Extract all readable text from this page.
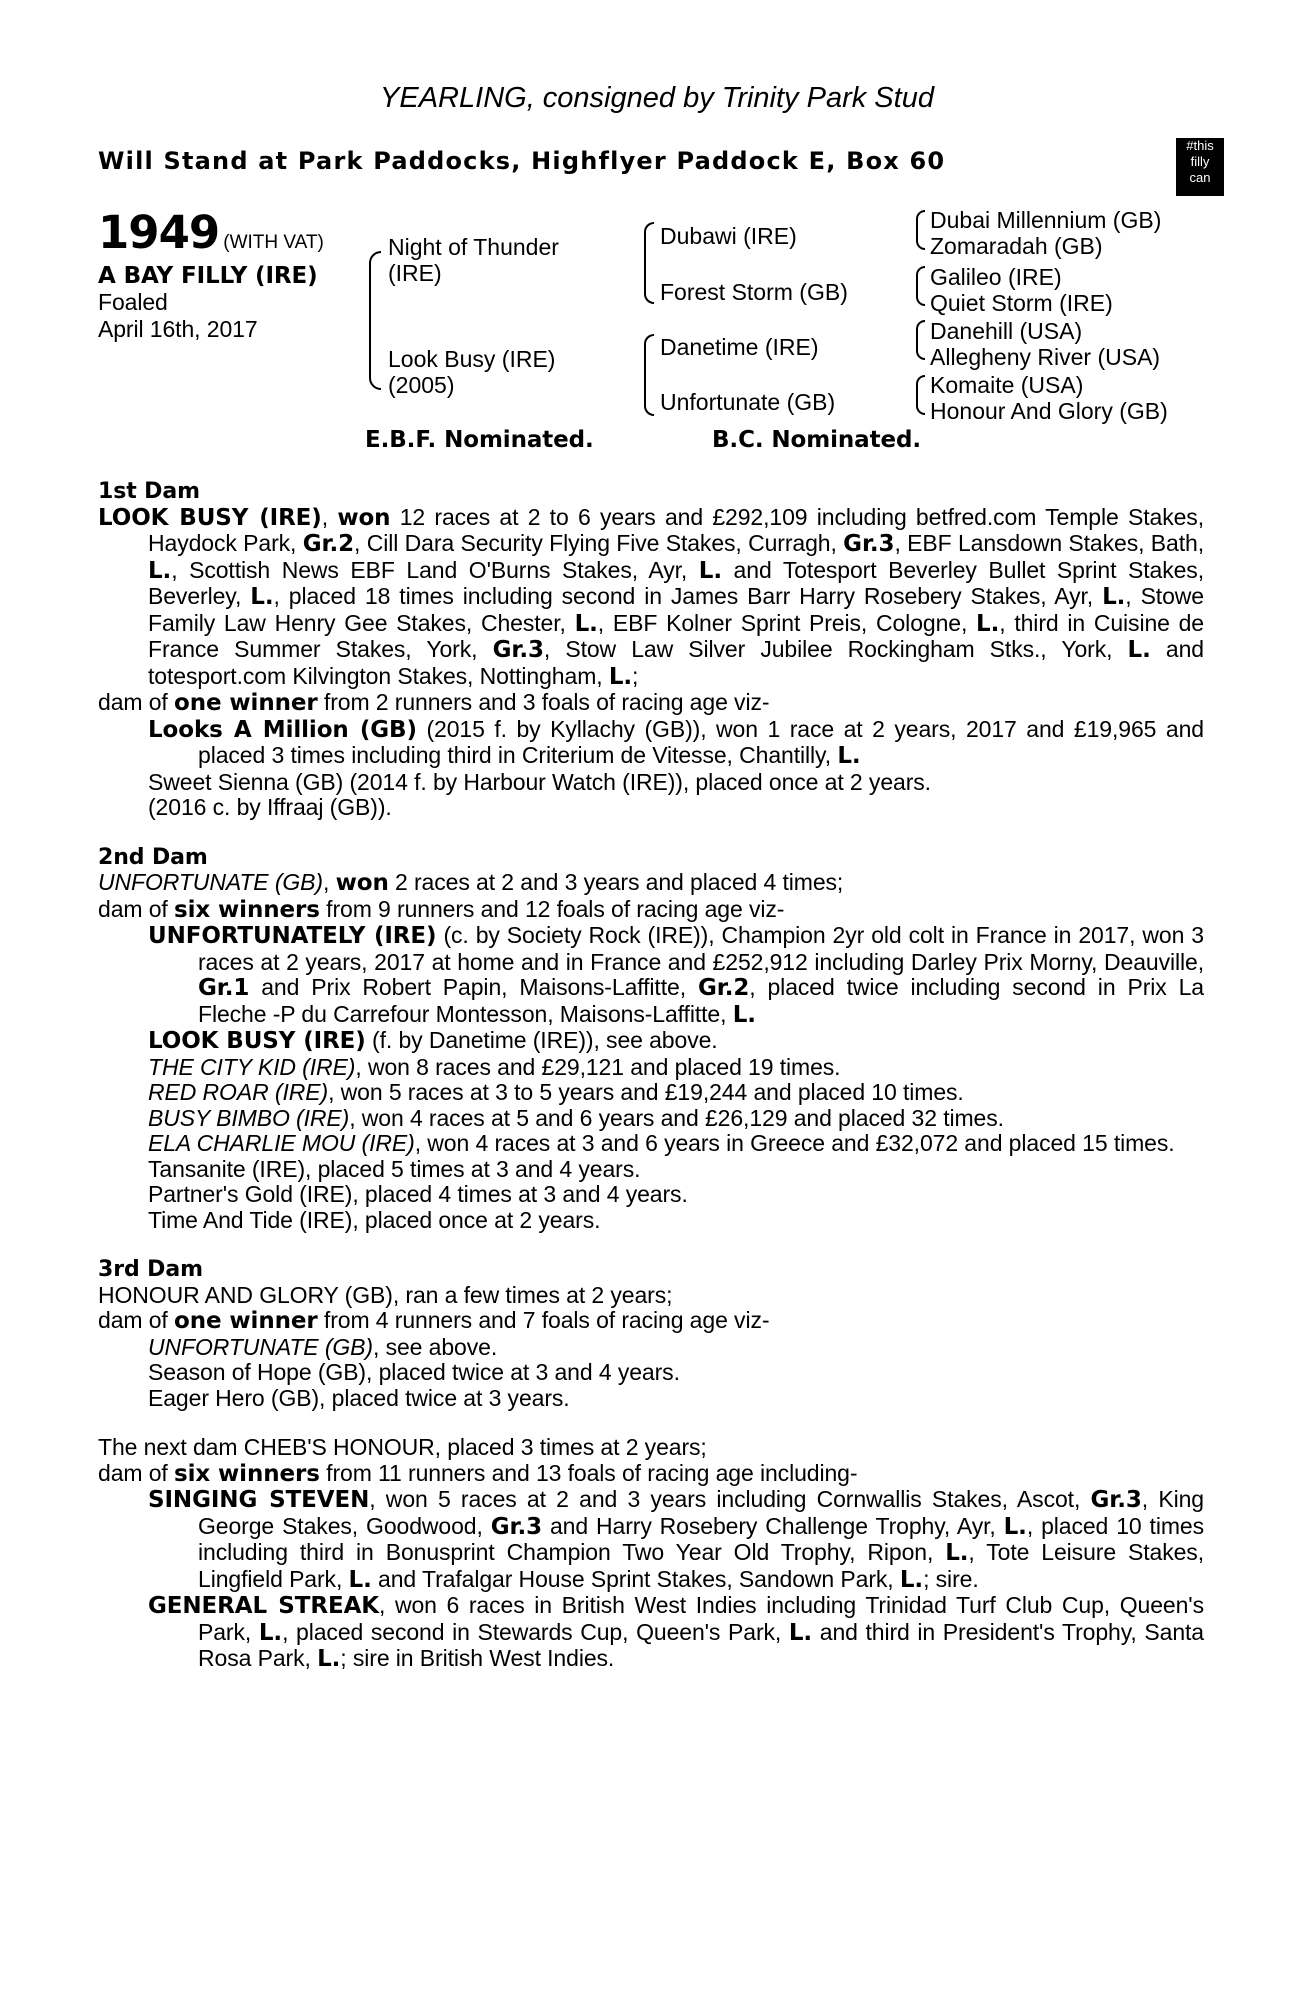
YEARLING, consigned by Trinity Park Stud
Will Stand at Park Paddocks, Highflyer Paddock E, Box 60
#this
filly
can
1949 (WITH VAT)
A BAY FILLY (IRE)
Foaled
April 16th, 2017
Night of Thunder
(IRE)
Look Busy (IRE)
(2005)
Dubawi (IRE)
Forest Storm (GB)
Danetime (IRE)
Unfortunate (GB)
Dubai Millennium (GB)
Zomaradah (GB)
Galileo (IRE)
Quiet Storm (IRE)
Danehill (USA)
Allegheny River (USA)
Komaite (USA)
Honour And Glory (GB)
E.B.F. Nominated.	B.C. Nominated.
1st Dam
LOOK BUSY (IRE), won 12 races at 2 to 6 years and £292,109 including betfred.com Temple Stakes, Haydock Park, Gr.2, Cill Dara Security Flying Five Stakes, Curragh, Gr.3, EBF Lansdown Stakes, Bath, L., Scottish News EBF Land O'Burns Stakes, Ayr, L. and Totesport Beverley Bullet Sprint Stakes, Beverley, L., placed 18 times including second in James Barr Harry Rosebery Stakes, Ayr, L., Stowe Family Law Henry Gee Stakes, Chester, L., EBF Kolner Sprint Preis, Cologne, L., third in Cuisine de France Summer Stakes, York, Gr.3, Stow Law Silver Jubilee Rockingham Stks., York, L. and totesport.com Kilvington Stakes, Nottingham, L.;
dam of one winner from 2 runners and 3 foals of racing age viz-
Looks A Million (GB) (2015 f. by Kyllachy (GB)), won 1 race at 2 years, 2017 and £19,965 and placed 3 times including third in Criterium de Vitesse, Chantilly, L.
Sweet Sienna (GB) (2014 f. by Harbour Watch (IRE)), placed once at 2 years.
(2016 c. by Iffraaj (GB)).
2nd Dam
UNFORTUNATE (GB), won 2 races at 2 and 3 years and placed 4 times;
dam of six winners from 9 runners and 12 foals of racing age viz-
UNFORTUNATELY (IRE) (c. by Society Rock (IRE)), Champion 2yr old colt in France in 2017, won 3 races at 2 years, 2017 at home and in France and £252,912 including Darley Prix Morny, Deauville, Gr.1 and Prix Robert Papin, Maisons-Laffitte, Gr.2, placed twice including second in Prix La Fleche -P du Carrefour Montesson, Maisons-Laffitte, L.
LOOK BUSY (IRE) (f. by Danetime (IRE)), see above.
THE CITY KID (IRE), won 8 races and £29,121 and placed 19 times.
RED ROAR (IRE), won 5 races at 3 to 5 years and £19,244 and placed 10 times.
BUSY BIMBO (IRE), won 4 races at 5 and 6 years and £26,129 and placed 32 times.
ELA CHARLIE MOU (IRE), won 4 races at 3 and 6 years in Greece and £32,072 and placed 15 times.
Tansanite (IRE), placed 5 times at 3 and 4 years.
Partner's Gold (IRE), placed 4 times at 3 and 4 years.
Time And Tide (IRE), placed once at 2 years.
3rd Dam
HONOUR AND GLORY (GB), ran a few times at 2 years;
dam of one winner from 4 runners and 7 foals of racing age viz-
UNFORTUNATE (GB), see above.
Season of Hope (GB), placed twice at 3 and 4 years.
Eager Hero (GB), placed twice at 3 years.
The next dam CHEB'S HONOUR, placed 3 times at 2 years;
dam of six winners from 11 runners and 13 foals of racing age including-
SINGING STEVEN, won 5 races at 2 and 3 years including Cornwallis Stakes, Ascot, Gr.3, King George Stakes, Goodwood, Gr.3 and Harry Rosebery Challenge Trophy, Ayr, L., placed 10 times including third in Bonusprint Champion Two Year Old Trophy, Ripon, L., Tote Leisure Stakes, Lingfield Park, L. and Trafalgar House Sprint Stakes, Sandown Park, L.; sire.
GENERAL STREAK, won 6 races in British West Indies including Trinidad Turf Club Cup, Queen's Park, L., placed second in Stewards Cup, Queen's Park, L. and third in President's Trophy, Santa Rosa Park, L.; sire in British West Indies.
